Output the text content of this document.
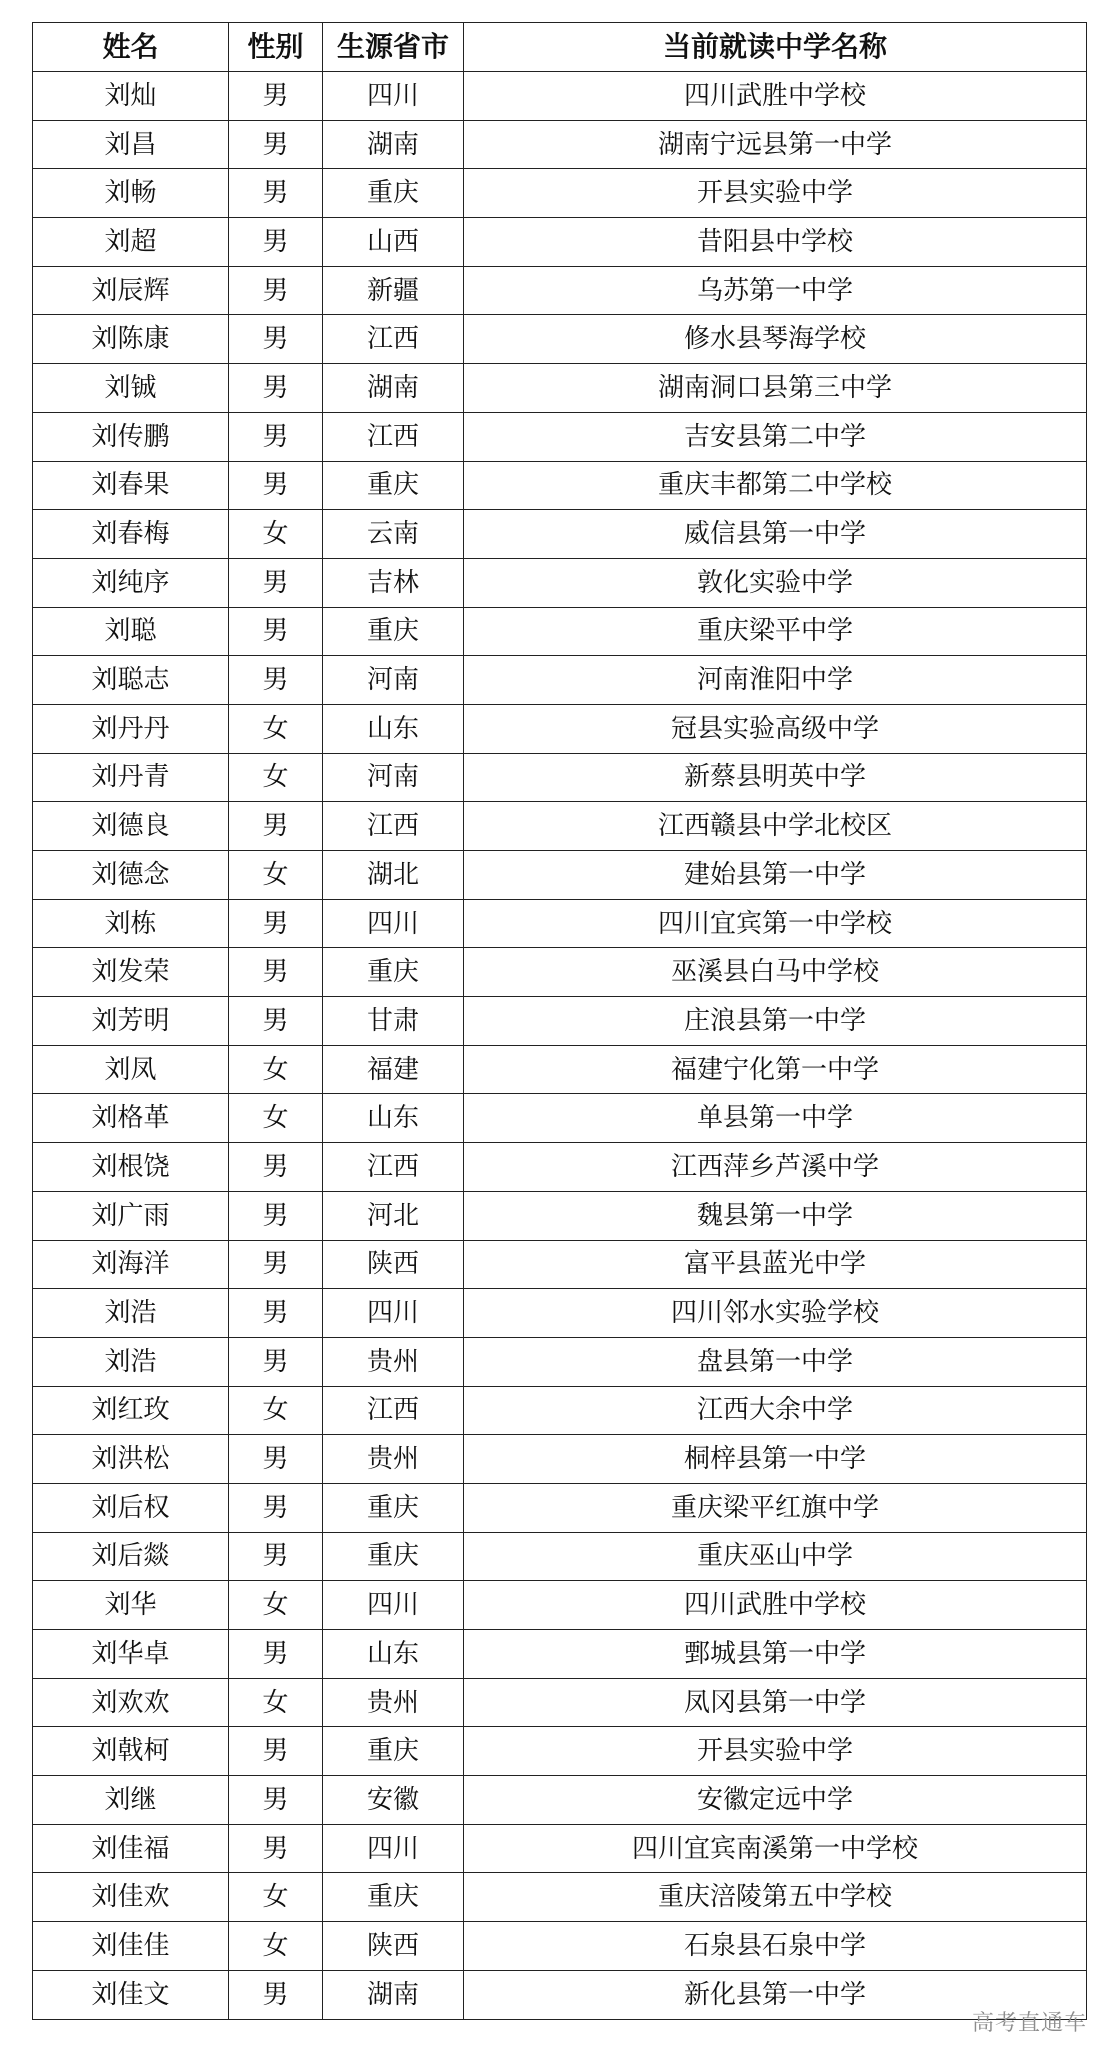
姓名	性别	生源省市	当前就读中学名称
刘灿	男	四川	四川武胜中学校
刘昌	男	湖南	湖南宁远县第一中学
刘畅	男	重庆	开县实验中学
刘超	男	山西	昔阳县中学校
刘辰辉	男	新疆	乌苏第一中学
刘陈康	男	江西	修水县琴海学校
刘铖	男	湖南	湖南洞口县第三中学
刘传鹏	男	江西	吉安县第二中学
刘春果	男	重庆	重庆丰都第二中学校
刘春梅	女	云南	威信县第一中学
刘纯序	男	吉林	敦化实验中学
刘聪	男	重庆	重庆梁平中学
刘聪志	男	河南	河南淮阳中学
刘丹丹	女	山东	冠县实验高级中学
刘丹青	女	河南	新蔡县明英中学
刘德良	男	江西	江西赣县中学北校区
刘德念	女	湖北	建始县第一中学
刘栋	男	四川	四川宜宾第一中学校
刘发荣	男	重庆	巫溪县白马中学校
刘芳明	男	甘肃	庄浪县第一中学
刘凤	女	福建	福建宁化第一中学
刘格革	女	山东	单县第一中学
刘根饶	男	江西	江西萍乡芦溪中学
刘广雨	男	河北	魏县第一中学
刘海洋	男	陕西	富平县蓝光中学
刘浩	男	四川	四川邻水实验学校
刘浩	男	贵州	盘县第一中学
刘红玫	女	江西	江西大余中学
刘洪松	男	贵州	桐梓县第一中学
刘后权	男	重庆	重庆梁平红旗中学
刘后燚	男	重庆	重庆巫山中学
刘华	女	四川	四川武胜中学校
刘华卓	男	山东	鄄城县第一中学
刘欢欢	女	贵州	凤冈县第一中学
刘戟柯	男	重庆	开县实验中学
刘继	男	安徽	安徽定远中学
刘佳福	男	四川	四川宜宾南溪第一中学校
刘佳欢	女	重庆	重庆涪陵第五中学校
刘佳佳	女	陕西	石泉县石泉中学
刘佳文	男	湖南	新化县第一中学
高考直通车
